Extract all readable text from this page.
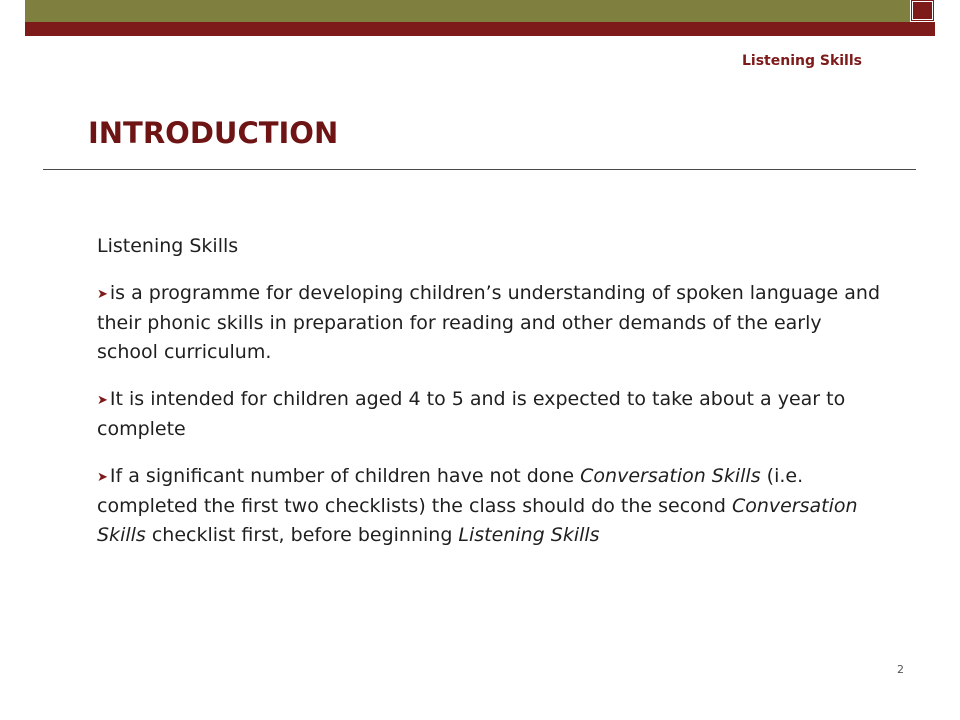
Listening Skills
INTRODUCTION

Listening Skills

➤ is a programme for developing children’s understanding of spoken language and their phonic skills in preparation for reading and other demands of the early school curriculum.

➤ It is intended for children aged 4 to 5 and is expected to take about a year to complete

➤ If a significant number of children have not done Conversation Skills (i.e. completed the first two checklists) the class should do the second Conversation Skills checklist first, before beginning Listening Skills

2
